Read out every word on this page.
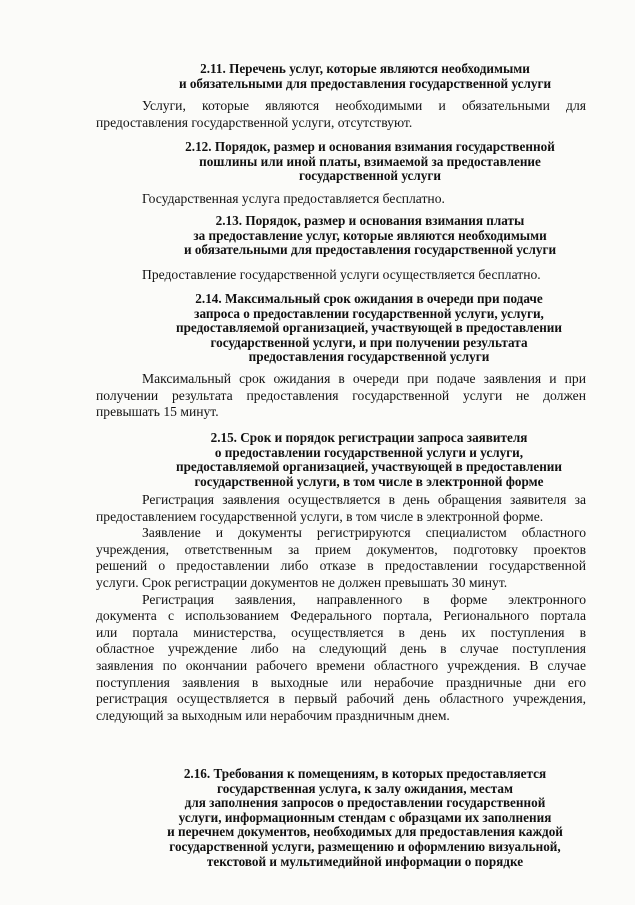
2.11. Перечень услуг, которые являются необходимыми
и обязательными для предоставления государственной услуги
Услуги, которые являются необходимыми и обязательными для
предоставления государственной услуги, отсутствуют.
2.12. Порядок, размер и основания взимания государственной
пошлины или иной платы, взимаемой за предоставление
государственной услуги
Государственная услуга предоставляется бесплатно.
2.13. Порядок, размер и основания взимания платы
за предоставление услуг, которые являются необходимыми
и обязательными для предоставления государственной услуги
Предоставление государственной услуги осуществляется бесплатно.
2.14. Максимальный срок ожидания в очереди при подаче
запроса о предоставлении государственной услуги, услуги,
предоставляемой организацией, участвующей в предоставлении
государственной услуги, и при получении результата
предоставления государственной услуги
Максимальный срок ожидания в очереди при подаче заявления и при
получении результата предоставления государственной услуги не должен
превышать 15 минут.
2.15. Срок и порядок регистрации запроса заявителя
о предоставлении государственной услуги и услуги,
предоставляемой организацией, участвующей в предоставлении
государственной услуги, в том числе в электронной форме
Регистрация заявления осуществляется в день обращения заявителя за
предоставлением государственной услуги, в том числе в электронной форме.
Заявление и документы регистрируются специалистом областного
учреждения, ответственным за прием документов, подготовку проектов
решений о предоставлении либо отказе в предоставлении государственной
услуги. Срок регистрации документов не должен превышать 30 минут.
Регистрация заявления, направленного в форме электронного
документа с использованием Федерального портала, Регионального портала
или портала министерства, осуществляется в день их поступления в
областное учреждение либо на следующий день в случае поступления
заявления по окончании рабочего времени областного учреждения. В случае
поступления заявления в выходные или нерабочие праздничные дни его
регистрация осуществляется в первый рабочий день областного учреждения,
следующий за выходным или нерабочим праздничным днем.
2.16. Требования к помещениям, в которых предоставляется
государственная услуга, к залу ожидания, местам
для заполнения запросов о предоставлении государственной
услуги, информационным стендам с образцами их заполнения
и перечнем документов, необходимых для предоставления каждой
государственной услуги, размещению и оформлению визуальной,
текстовой и мультимедийной информации о порядке
